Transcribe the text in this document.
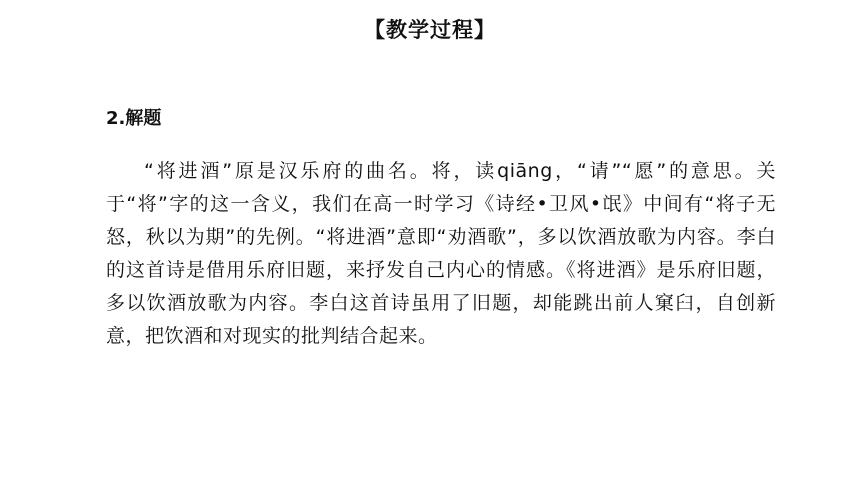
【教学过程】
2.解题
“将进酒”原是汉乐府的曲名。将，读qiāng，“请”“愿”的意思。关于“将”字的这一含义，我们在高一时学习《诗经•卫风•氓》中间有“将子无怒，秋以为期”的先例。“将进酒”意即“劝酒歌”，多以饮酒放歌为内容。李白的这首诗是借用乐府旧题，来抒发自己内心的情感。《将进酒》是乐府旧题，多以饮酒放歌为内容。李白这首诗虽用了旧题，却能跳出前人窠臼，自创新意，把饮酒和对现实的批判结合起来。
